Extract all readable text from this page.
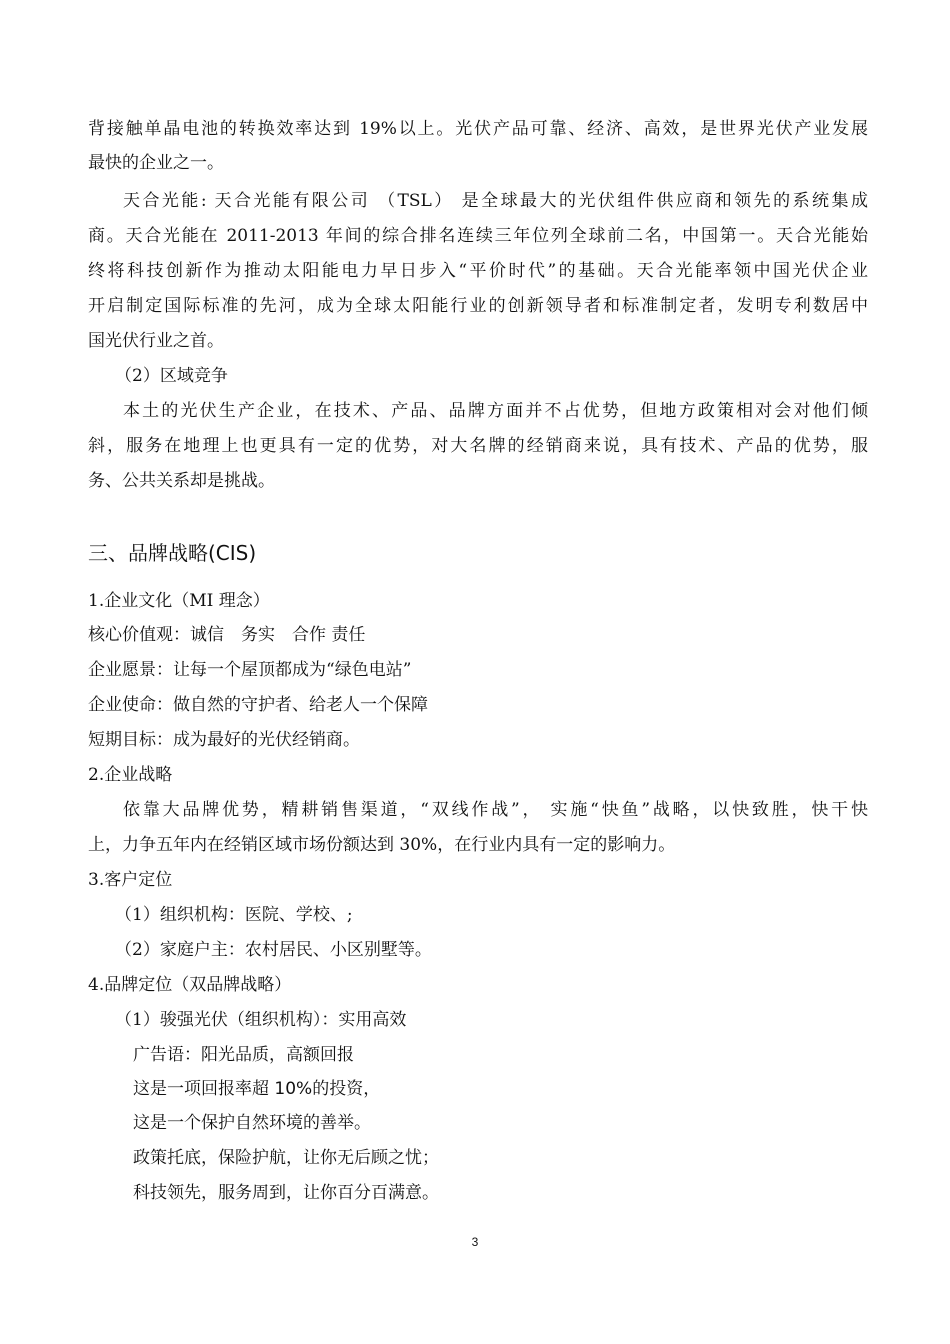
背接触单晶电池的转换效率达到 19%以上。光伏产品可靠、经济、高效，是世界光伏产业发展
最快的企业之一。
天合光能: 天合光能有限公司 （TSL） 是全球最大的光伏组件供应商和领先的系统集成
商。天合光能在 2011-2013 年间的综合排名连续三年位列全球前二名，中国第一。天合光能始
终将科技创新作为推动太阳能电力早日步入“平价时代”的基础。天合光能率领中国光伏企业
开启制定国际标准的先河，成为全球太阳能行业的创新领导者和标准制定者，发明专利数居中
国光伏行业之首。
（2）区域竞争
本土的光伏生产企业，在技术、产品、品牌方面并不占优势，但地方政策相对会对他们倾
斜，服务在地理上也更具有一定的优势，对大名牌的经销商来说，具有技术、产品的优势，服
务、公共关系却是挑战。
三、品牌战略(CIS)
1.企业文化（MI 理念）
核心价值观：诚信　务实　合作 责任
企业愿景：让每一个屋顶都成为“绿色电站”
企业使命：做自然的守护者、给老人一个保障
短期目标：成为最好的光伏经销商。
2.企业战略
依靠大品牌优势，精耕销售渠道，“双线作战”， 实施“快鱼”战略，以快致胜，快干快
上，力争五年内在经销区域市场份额达到 30%，在行业内具有一定的影响力。
3.客户定位
（1）组织机构：医院、学校、;
（2）家庭户主：农村居民、小区别墅等。
4.品牌定位（双品牌战略）
（1）骏强光伏（组织机构）：实用高效
广告语：阳光品质，高额回报
这是一项回报率超 10%的投资，
这是一个保护自然环境的善举。
政策托底，保险护航，让你无后顾之忧；
科技领先，服务周到，让你百分百满意。
3
